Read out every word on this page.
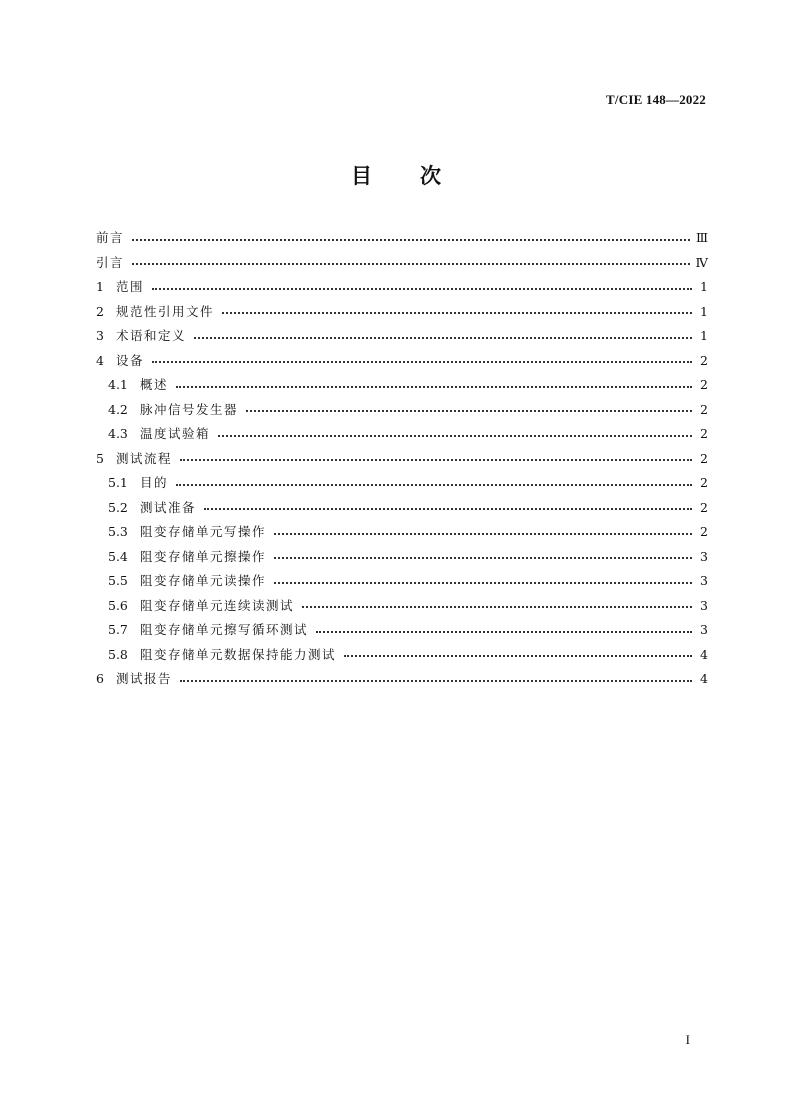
T/CIE 148—2022
目次
前言	Ⅲ
引言	Ⅳ
1 范围	1
2 规范性引用文件	1
3 术语和定义	1
4 设备	2
4.1 概述	2
4.2 脉冲信号发生器	2
4.3 温度试验箱	2
5 测试流程	2
5.1 目的	2
5.2 测试准备	2
5.3 阻变存储单元写操作	2
5.4 阻变存储单元擦操作	3
5.5 阻变存储单元读操作	3
5.6 阻变存储单元连续读测试	3
5.7 阻变存储单元擦写循环测试	3
5.8 阻变存储单元数据保持能力测试	4
6 测试报告	4
I
